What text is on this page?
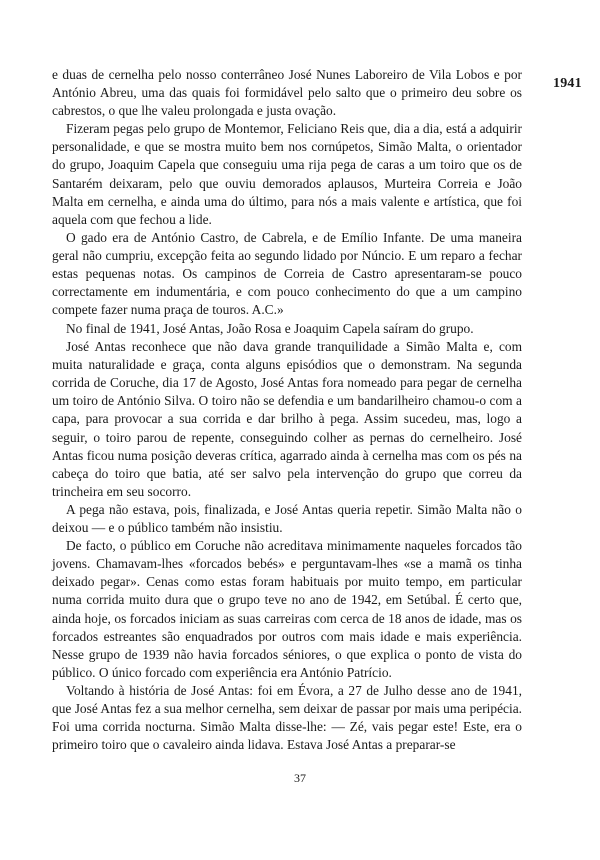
1941

e duas de cernelha pelo nosso conterrâneo José Nunes Laboreiro de Vila Lobos e por António Abreu, uma das quais foi formidável pelo salto que o primeiro deu sobre os cabrestos, o que lhe valeu prolongada e justa ovação.

Fizeram pegas pelo grupo de Montemor, Feliciano Reis que, dia a dia, está a adquirir personalidade, e que se mostra muito bem nos cornúpetos, Simão Malta, o orientador do grupo, Joaquim Capela que conseguiu uma rija pega de caras a um toiro que os de Santarém deixaram, pelo que ouviu demorados aplausos, Murteira Correia e João Malta em cernelha, e ainda uma do último, para nós a mais valente e artística, que foi aquela com que fechou a lide.

O gado era de António Castro, de Cabrela, e de Emílio Infante. De uma maneira geral não cumpriu, excepção feita ao segundo lidado por Núncio. E um reparo a fechar estas pequenas notas. Os campinos de Correia de Castro apresentaram-se pouco correctamente em indumentária, e com pouco conhecimento do que a um campino compete fazer numa praça de touros. A.C.»

No final de 1941, José Antas, João Rosa e Joaquim Capela saíram do grupo.

José Antas reconhece que não dava grande tranquilidade a Simão Malta e, com muita naturalidade e graça, conta alguns episódios que o demonstram. Na segunda corrida de Coruche, dia 17 de Agosto, José Antas fora nomeado para pegar de cernelha um toiro de António Silva. O toiro não se defendia e um bandarilheiro chamou-o com a capa, para provocar a sua corrida e dar brilho à pega. Assim sucedeu, mas, logo a seguir, o toiro parou de repente, conseguindo colher as pernas do cernelheiro. José Antas ficou numa posição deveras crítica, agarrado ainda à cernelha mas com os pés na cabeça do toiro que batia, até ser salvo pela intervenção do grupo que correu da trincheira em seu socorro.

A pega não estava, pois, finalizada, e José Antas queria repetir. Simão Malta não o deixou — e o público também não insistiu.

De facto, o público em Coruche não acreditava minimamente naqueles forcados tão jovens. Chamavam-lhes «forcados bebés» e perguntavam-lhes «se a mamã os tinha deixado pegar». Cenas como estas foram habituais por muito tempo, em particular numa corrida muito dura que o grupo teve no ano de 1942, em Setúbal. É certo que, ainda hoje, os forcados iniciam as suas carreiras com cerca de 18 anos de idade, mas os forcados estreantes são enquadrados por outros com mais idade e mais experiência. Nesse grupo de 1939 não havia forcados séniores, o que explica o ponto de vista do público. O único forcado com experiência era António Patrício.

Voltando à história de José Antas: foi em Évora, a 27 de Julho desse ano de 1941, que José Antas fez a sua melhor cernelha, sem deixar de passar por mais uma peripécia. Foi uma corrida nocturna. Simão Malta disse-lhe: — Zé, vais pegar este! Este, era o primeiro toiro que o cavaleiro ainda lidava. Estava José Antas a preparar-se

37
